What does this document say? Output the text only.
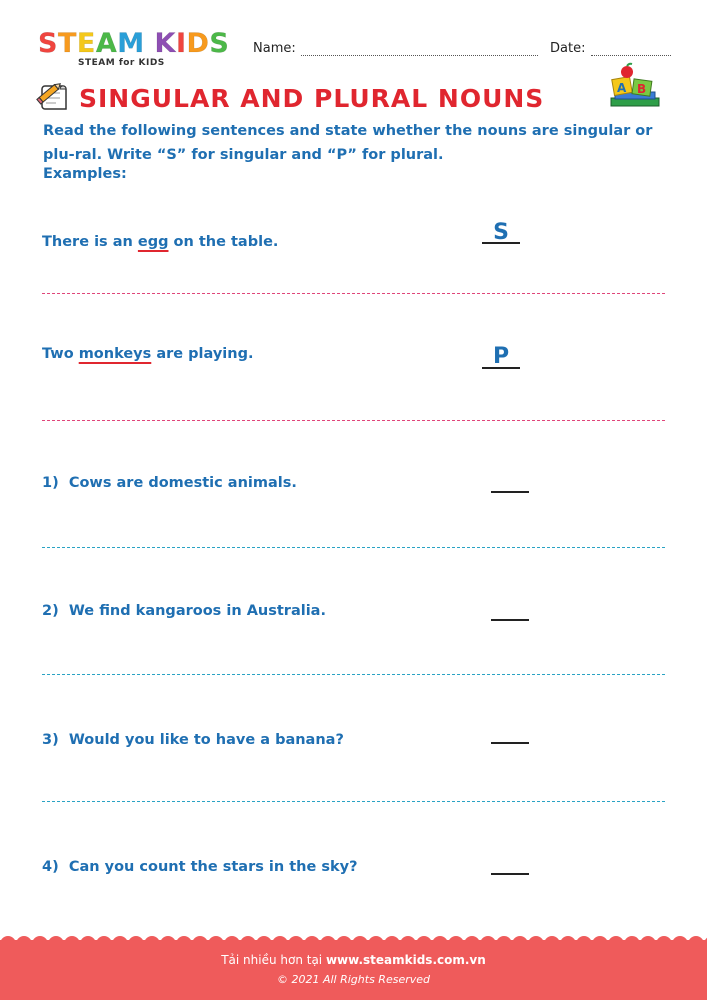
STEAM KIDS
STEAM for KIDS
Name:	Date:
SINGULAR AND PLURAL NOUNS	A B
Read the following sentences and state whether the nouns are singular or plu-ral. Write “S” for singular and “P” for plural.
Examples:
There is an egg on the table.	S
Two monkeys are playing.	P
1) Cows are domestic animals.
2) We find kangaroos in Australia.
3) Would you like to have a banana?
4) Can you count the stars in the sky?
Tải nhiều hơn tại www.steamkids.com.vn
© 2021 All Rights Reserved
